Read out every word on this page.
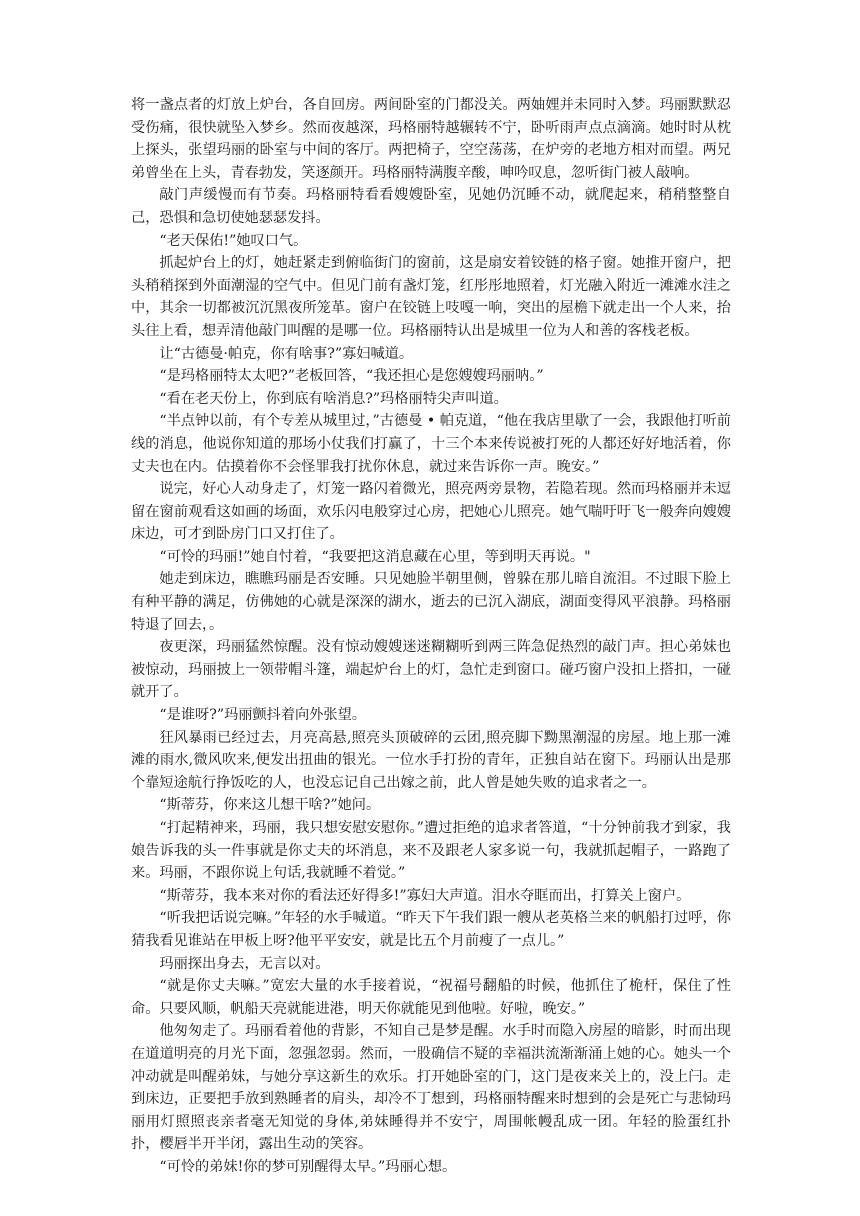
将一盏点者的灯放上炉台，各自回房。两间卧室的门都没关。两妯娌并未同时入梦。玛丽默默忍受伤痛，很快就坠入梦乡。然而夜越深，玛格丽特越辗转不宁，卧听雨声点点滴滴。她时时从枕上探头，张望玛丽的卧室与中间的客厅。两把椅子，空空荡荡，在炉旁的老地方相对而望。两兄弟曾坐在上头，青春勃发，笑逐颜开。玛格丽特满腹辛酸，呻吟叹息，忽听街门被人敲响。

敲门声缓慢而有节奏。玛格丽特看看嫂嫂卧室，见她仍沉睡不动，就爬起来，稍稍整整自己，恐惧和急切使她瑟瑟发抖。

“老天保佑!”她叹口气。

抓起炉台上的灯，她赶紧走到俯临街门的窗前，这是扇安着铰链的格子窗。她推开窗户，把头稍稍探到外面潮湿的空气中。但见门前有盏灯笼，红彤彤地照着，灯光融入附近一滩滩水洼之中，其余一切都被沉沉黑夜所笼革。窗户在铰链上吱嘎一响，突出的屋檐下就走出一个人来，抬头往上看，想弄清他敲门叫醒的是哪一位。玛格丽特认出是城里一位为人和善的客栈老板。

让“古德曼·帕克，你有啥事?”寡妇喊道。

“是玛格丽特太太吧?”老板回答，“我还担心是您嫂嫂玛丽呐。”

“看在老天份上，你到底有啥消息?”玛格丽特尖声叫道。

“半点钟以前，有个专差从城里过，”古德曼 • 帕克道，“他在我店里歇了一会，我跟他打听前线的消息，他说你知道的那场小仗我们打赢了，十三个本来传说被打死的人都还好好地活着，你丈夫也在内。估摸着你不会怪罪我打扰你休息，就过来告诉你一声。晚安。”

说完，好心人动身走了，灯笼一路闪着微光，照亮两旁景物，若隐若现。然而玛格丽并未逗留在窗前观看这如画的场面，欢乐闪电般穿过心房，把她心儿照亮。她气喘吁吁飞一般奔向嫂嫂床边，可才到卧房门口又打住了。

“可怜的玛丽!”她自忖着，“我要把这消息藏在心里，等到明天再说。"

她走到床边，瞧瞧玛丽是否安睡。只见她脸半朝里侧，曾躲在那儿暗自流泪。不过眼下脸上有种平静的满足，仿佛她的心就是深深的湖水，逝去的已沉入湖底，湖面变得风平浪静。玛格丽特退了回去，。

夜更深，玛丽猛然惊醒。没有惊动嫂嫂迷迷糊糊听到两三阵急促热烈的敲门声。担心弟妹也被惊动，玛丽披上一领带帽斗篷，端起炉台上的灯，急忙走到窗口。碰巧窗户没扣上搭扣，一碰就开了。

“是谁呀?”玛丽颤抖着向外张望。

狂风暴雨已经过去，月亮高悬,照亮头顶破碎的云团,照亮脚下黝黑潮湿的房屋。地上那一滩滩的雨水,微风吹来,便发出扭曲的银光。一位水手打扮的青年，正独自站在窗下。玛丽认出是那个靠短途航行挣饭吃的人，也没忘记自己出嫁之前，此人曾是她失败的追求者之一。

“斯蒂芬，你来这儿想干啥?”她问。

“打起精神来，玛丽，我只想安慰安慰你。”遭过拒绝的追求者答道，“十分钟前我才到家，我娘告诉我的头一件事就是你丈夫的坏消息，来不及跟老人家多说一句，我就抓起帽子，一路跑了来。玛丽，不跟你说上句话,我就睡不着觉。”

“斯蒂芬，我本来对你的看法还好得多!”寡妇大声道。泪水夺眶而出，打算关上窗户。

“听我把话说完嘛。”年轻的水手喊道。“昨天下午我们跟一艘从老英格兰来的帆船打过呼，你猜我看见谁站在甲板上呀?他平平安安，就是比五个月前瘦了一点儿。”

玛丽探出身去，无言以对。

“就是你丈夫嘛。”宽宏大量的水手接着说，“祝福号翻船的时候，他抓住了桅杆，保住了性命。只要风顺，帆船天亮就能进港，明天你就能见到他啦。好啦，晚安。”

他匆匆走了。玛丽看着他的背影，不知自己是梦是醒。水手时而隐入房屋的暗影，时而出现在道道明亮的月光下面，忽强忽弱。然而，一股确信不疑的幸福洪流渐渐涌上她的心。她头一个冲动就是叫醒弟妹，与她分享这新生的欢乐。打开她卧室的门，这门是夜来关上的，没上闩。走到床边，正要把手放到熟睡者的肩头，却冷不丁想到，玛格丽特醒来时想到的会是死亡与悲恸玛丽用灯照照丧亲者毫无知觉的身体,弟妹睡得并不安宁，周围帐幔乱成一团。年轻的脸蛋红扑扑，樱唇半开半闭，露出生动的笑容。

“可怜的弟妹!你的梦可别醒得太早。”玛丽心想。
